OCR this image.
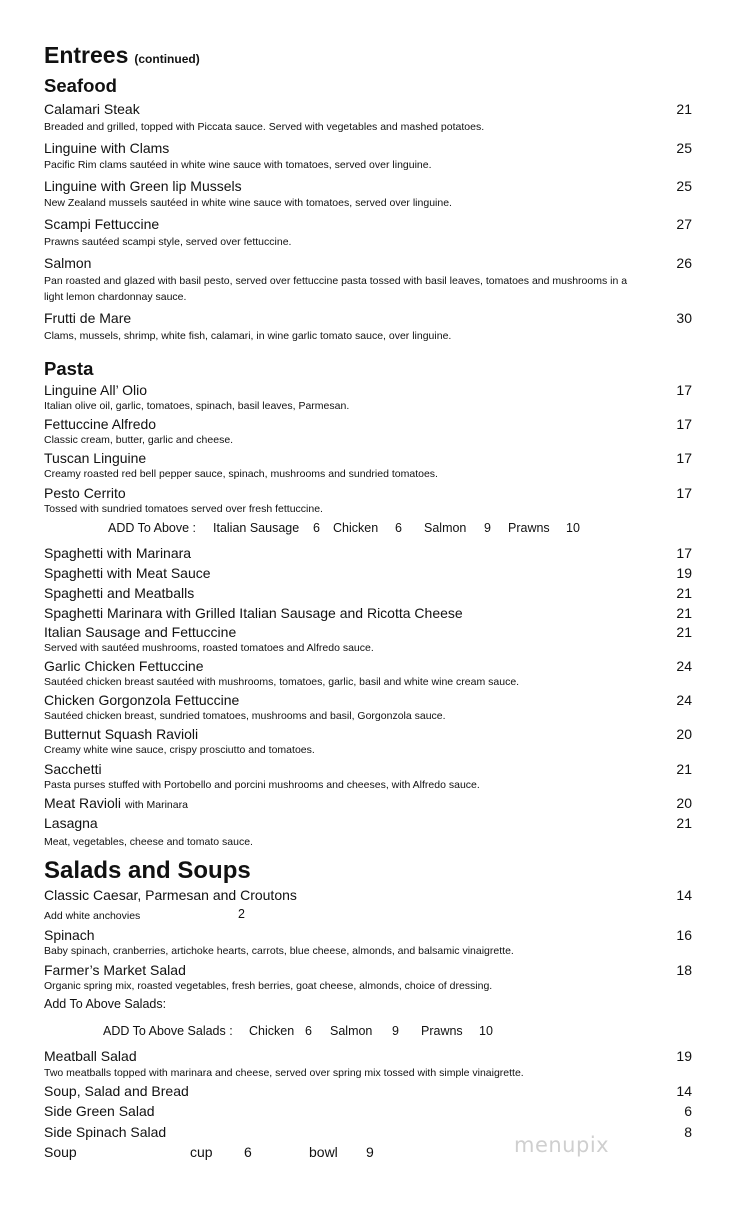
Entrees (continued)
Seafood
Calamari Steak	21
Breaded and grilled, topped with Piccata sauce. Served with vegetables and mashed potatoes.
Linguine with Clams	25
Pacific Rim clams sautéed in white wine sauce with tomatoes, served over linguine.
Linguine with Green lip Mussels	25
New Zealand mussels sautéed in white wine sauce with tomatoes, served over linguine.
Scampi Fettuccine	27
Prawns sautéed scampi style, served over fettuccine.
Salmon	26
Pan roasted and glazed with basil pesto, served over fettuccine pasta tossed with basil leaves, tomatoes and mushrooms in a light lemon chardonnay sauce.
Frutti de Mare	30
Clams, mussels, shrimp, white fish, calamari, in wine garlic tomato sauce, over linguine.
Pasta
Linguine All’ Olio	17
Italian olive oil, garlic, tomatoes, spinach, basil leaves, Parmesan.
Fettuccine Alfredo	17
Classic cream, butter, garlic and cheese.
Tuscan Linguine	17
Creamy roasted red bell pepper sauce, spinach, mushrooms and sundried tomatoes.
Pesto Cerrito	17
Tossed with sundried tomatoes served over fresh fettuccine.
ADD To Above : Italian Sausage 6 Chicken 6 Salmon 9 Prawns 10
Spaghetti with Marinara	17
Spaghetti with Meat Sauce	19
Spaghetti and Meatballs	21
Spaghetti Marinara with Grilled Italian Sausage and Ricotta Cheese	21
Italian Sausage and Fettuccine	21
Served with sautéed mushrooms, roasted tomatoes and Alfredo sauce.
Garlic Chicken Fettuccine	24
Sautéed chicken breast sautéed with mushrooms, tomatoes, garlic, basil and white wine cream sauce.
Chicken Gorgonzola Fettuccine	24
Sautéed chicken breast, sundried tomatoes, mushrooms and basil, Gorgonzola sauce.
Butternut Squash Ravioli	20
Creamy white wine sauce, crispy prosciutto and tomatoes.
Sacchetti	21
Pasta purses stuffed with Portobello and porcini mushrooms and cheeses, with Alfredo sauce.
Meat Ravioli with Marinara	20
Lasagna	21
Meat, vegetables, cheese and tomato sauce.
Salads and Soups
Classic Caesar, Parmesan and Croutons	14
Add white anchovies	2
Spinach	16
Baby spinach, cranberries, artichoke hearts, carrots, blue cheese, almonds, and balsamic vinaigrette.
Farmer’s Market Salad	18
Organic spring mix, roasted vegetables, fresh berries, goat cheese, almonds, choice of dressing.
Add To Above Salads:
ADD To Above Salads : Chicken 6 Salmon 9 Prawns 10
Meatball Salad	19
Two meatballs topped with marinara and cheese, served over spring mix tossed with simple vinaigrette.
Soup, Salad and Bread	14
Side Green Salad	6
Side Spinach Salad	8
Soup	cup 6	bowl 9	menupix
